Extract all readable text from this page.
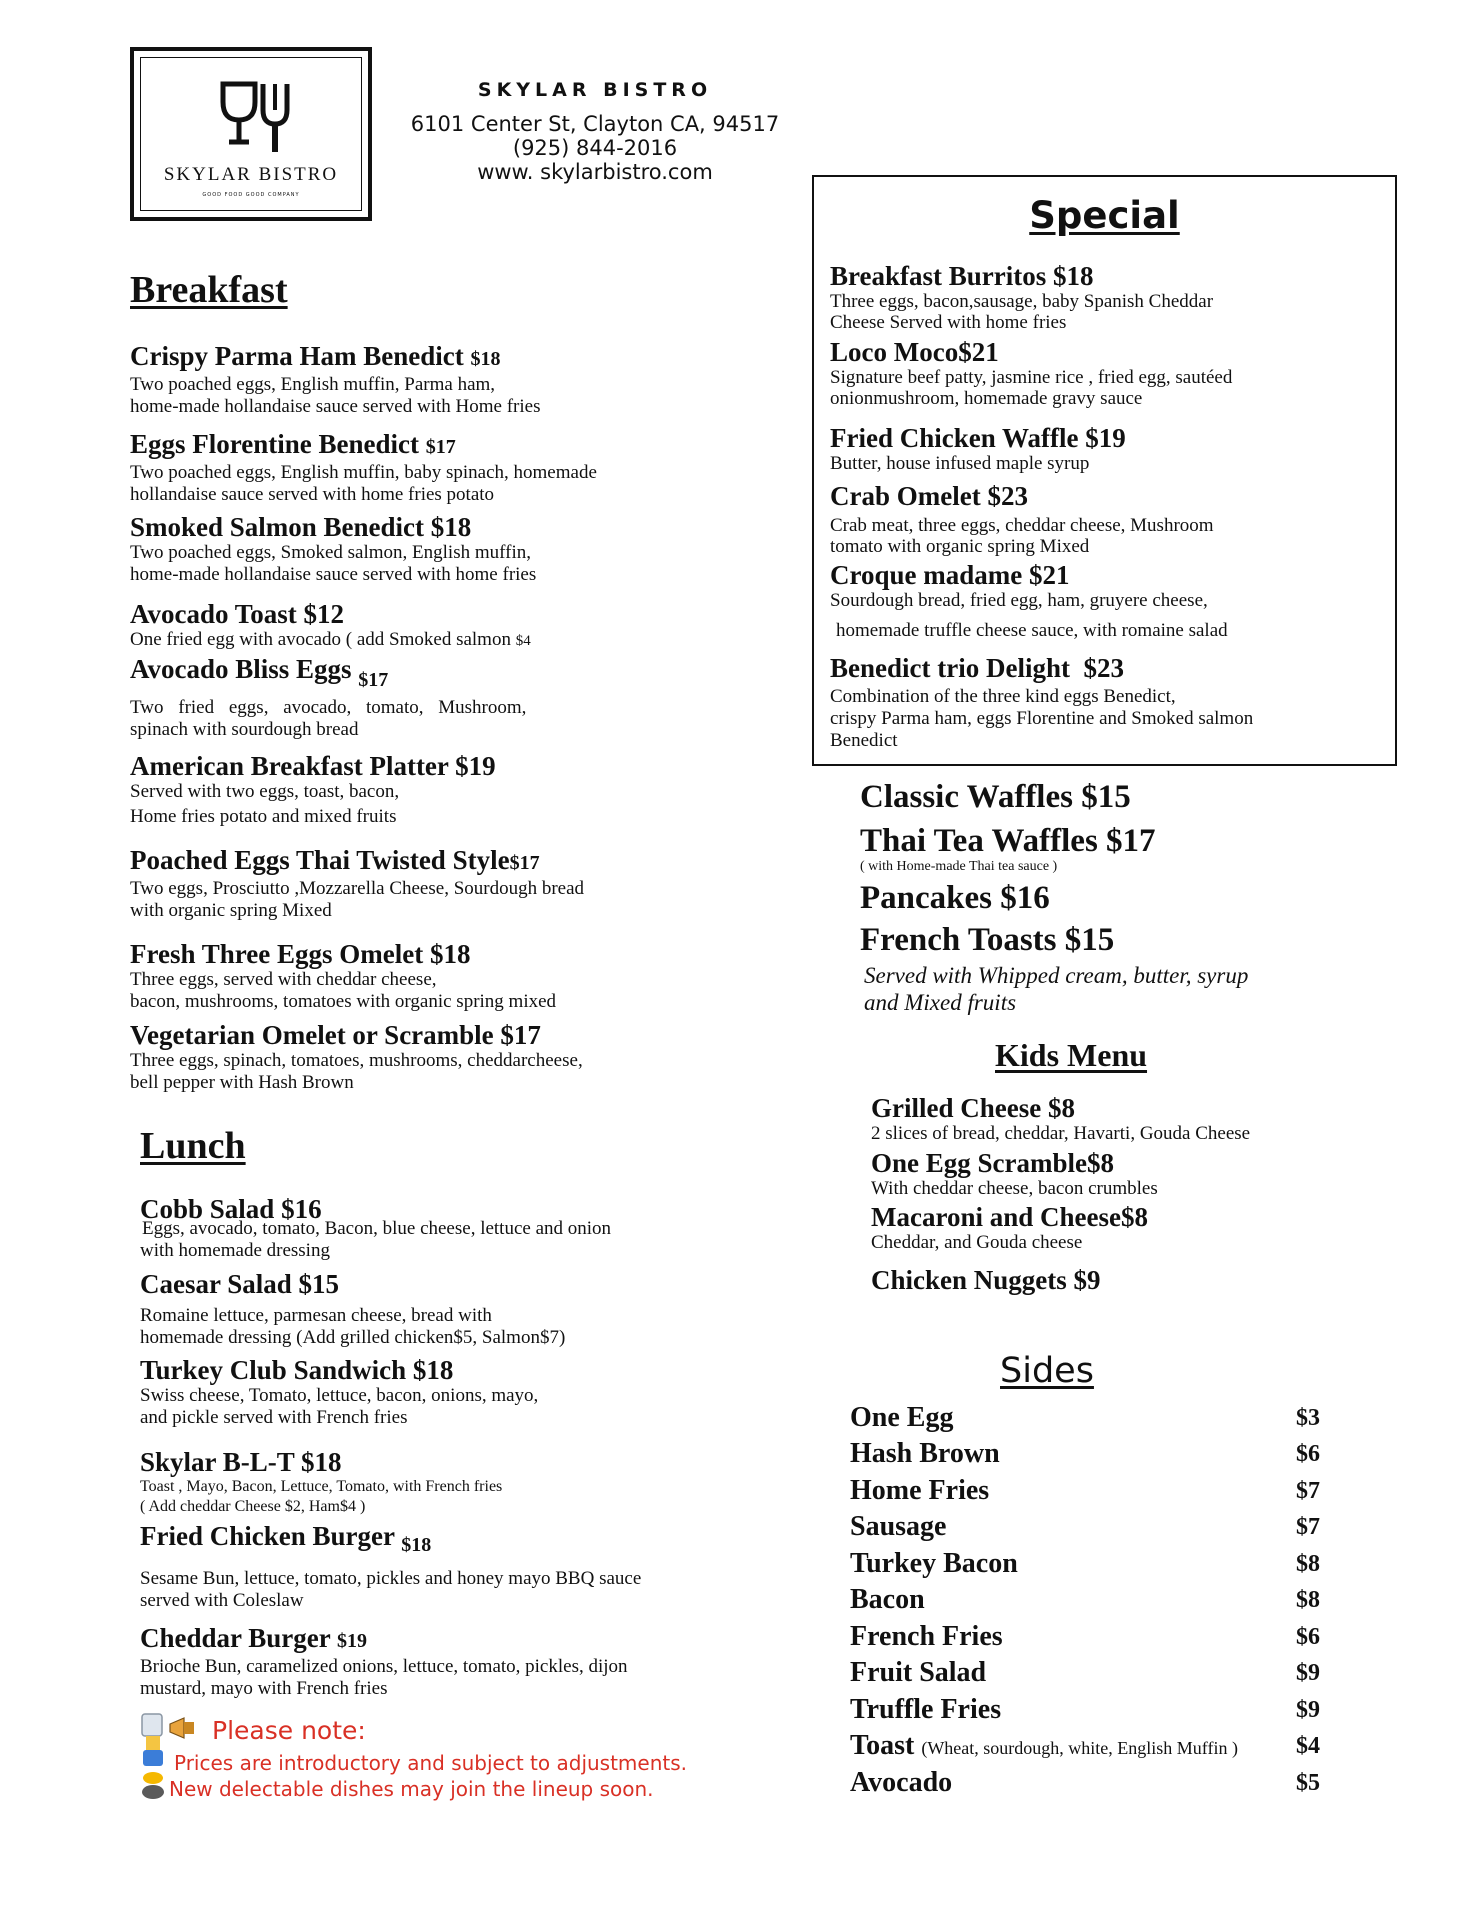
SKYLAR BISTRO
GOOD FOOD GOOD COMPANY
SKYLAR BISTRO
6101 Center St, Clayton CA, 94517
(925) 844-2016
www. skylarbistro.com
Breakfast
Crispy Parma Ham Benedict $18
Two poached eggs, English muffin, Parma ham,
home-made hollandaise sauce served with Home fries
Eggs Florentine Benedict $17
Two poached eggs, English muffin, baby spinach, homemade
hollandaise sauce served with home fries potato
Smoked Salmon Benedict $18
Two poached eggs, Smoked salmon, English muffin,
home-made hollandaise sauce served with home fries
Avocado Toast $12
One fried egg with avocado ( add Smoked salmon $4
Avocado Bliss Eggs $_{\$17}$
Two fried eggs, avocado, tomato, Mushroom,
spinach with sourdough bread
American Breakfast Platter $19
Served with two eggs, toast, bacon,
Home fries potato and mixed fruits
Poached Eggs Thai Twisted Style$17
Two eggs, Prosciutto ,Mozzarella Cheese, Sourdough bread
with organic spring Mixed
Fresh Three Eggs Omelet $18
Three eggs, served with cheddar cheese,
bacon, mushrooms, tomatoes with organic spring mixed
Vegetarian Omelet or Scramble $17
Three eggs, spinach, tomatoes, mushrooms, cheddarcheese,
bell pepper with Hash Brown
Lunch
Cobb Salad $16
Eggs, avocado, tomato, Bacon, blue cheese, lettuce and onion
with homemade dressing
Caesar Salad $15
Romaine lettuce, parmesan cheese, bread with
homemade dressing (Add grilled chicken$5, Salmon$7)
Turkey Club Sandwich $18
Swiss cheese, Tomato, lettuce, bacon, onions, mayo,
and pickle served with French fries
Skylar B-L-T $18
Toast , Mayo, Bacon, Lettuce, Tomato, with French fries
( Add cheddar Cheese $2, Ham$4 )
Fried Chicken Burger $_{\$18}$
Sesame Bun, lettuce, tomato, pickles and honey mayo BBQ sauce
served with Coleslaw
Cheddar Burger $19
Brioche Bun, caramelized onions, lettuce, tomato, pickles, dijon
mustard, mayo with French fries
Please note:
Prices are introductory and subject to adjustments.
New delectable dishes may join the lineup soon.
Special
Breakfast Burritos $18
Three eggs, bacon,sausage, baby Spanish Cheddar
Cheese Served with home fries
Loco Moco$21
Signature beef patty, jasmine rice , fried egg, sautéed
onionmushroom, homemade gravy sauce
Fried Chicken Waffle $19
Butter, house infused maple syrup
Crab Omelet $23
Crab meat, three eggs, cheddar cheese, Mushroom
tomato with organic spring Mixed
Croque madame $21
Sourdough bread, fried egg, ham, gruyere cheese,
homemade truffle cheese sauce, with romaine salad
Benedict trio Delight  $23
Combination of the three kind eggs Benedict,
crispy Parma ham, eggs Florentine and Smoked salmon
Benedict
Classic Waffles $15
Thai Tea Waffles $17
( with Home-made Thai tea sauce )
Pancakes $16
French Toasts $15
Served with Whipped cream, butter, syrup
and Mixed fruits
Kids Menu
Grilled Cheese $8
2 slices of bread, cheddar, Havarti, Gouda Cheese
One Egg Scramble$8
With cheddar cheese, bacon crumbles
Macaroni and Cheese$8
Cheddar, and Gouda cheese
Chicken Nuggets $9
Sides
One Egg	$3
Hash Brown	$6
Home Fries	$7
Sausage	$7
Turkey Bacon	$8
Bacon	$8
French Fries	$6
Fruit Salad	$9
Truffle Fries	$9
Toast (Wheat, sourdough, white, English Muffin ) $4
Avocado	$5
